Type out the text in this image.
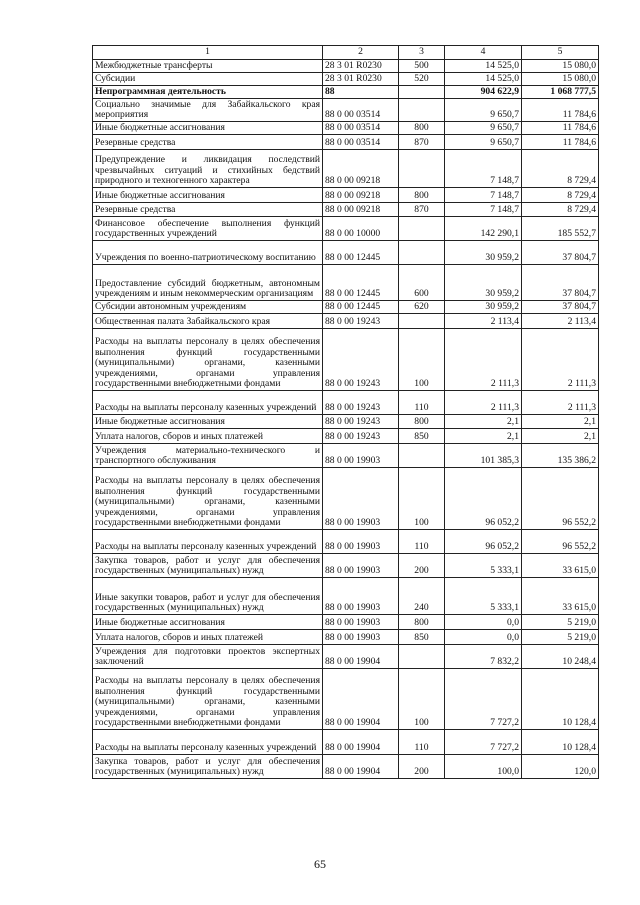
1	2	3	4	5
Межбюджетные трансферты	28 3 01 R0230	500	14 525,0	15 080,0
Субсидии	28 3 01 R0230	520	14 525,0	15 080,0
Непрограммная деятельность	88		904 622,9	1 068 777,5
Социально значимые для Забайкальского края мероприятия	88 0 00 03514		9 650,7	11 784,6
Иные бюджетные ассигнования	88 0 00 03514	800	9 650,7	11 784,6
Резервные средства	88 0 00 03514	870	9 650,7	11 784,6
Предупреждение и ликвидация последствий чрезвычайных ситуаций и стихийных бедствий природного и техногенного характера	88 0 00 09218		7 148,7	8 729,4
Иные бюджетные ассигнования	88 0 00 09218	800	7 148,7	8 729,4
Резервные средства	88 0 00 09218	870	7 148,7	8 729,4
Финансовое обеспечение выполнения функций государственных учреждений	88 0 00 10000		142 290,1	185 552,7
Учреждения по военно-патриотическому воспитанию	88 0 00 12445		30 959,2	37 804,7
Предоставление субсидий бюджетным, автономным учреждениям и иным некоммерческим организациям	88 0 00 12445	600	30 959,2	37 804,7
Субсидии автономным учреждениям	88 0 00 12445	620	30 959,2	37 804,7
Общественная палата Забайкальского края	88 0 00 19243		2 113,4	2 113,4
Расходы на выплаты персоналу в целях обеспечения выполнения функций государственными (муниципальными) органами, казенными учреждениями, органами управления государственными внебюджетными фондами	88 0 00 19243	100	2 111,3	2 111,3
Расходы на выплаты персоналу казенных учреждений	88 0 00 19243	110	2 111,3	2 111,3
Иные бюджетные ассигнования	88 0 00 19243	800	2,1	2,1
Уплата налогов, сборов и иных платежей	88 0 00 19243	850	2,1	2,1
Учреждения материально-технического и транспортного обслуживания	88 0 00 19903		101 385,3	135 386,2
Расходы на выплаты персоналу в целях обеспечения выполнения функций государственными (муниципальными) органами, казенными учреждениями, органами управления государственными внебюджетными фондами	88 0 00 19903	100	96 052,2	96 552,2
Расходы на выплаты персоналу казенных учреждений	88 0 00 19903	110	96 052,2	96 552,2
Закупка товаров, работ и услуг для обеспечения государственных (муниципальных) нужд	88 0 00 19903	200	5 333,1	33 615,0
Иные закупки товаров, работ и услуг для обеспечения государственных (муниципальных) нужд	88 0 00 19903	240	5 333,1	33 615,0
Иные бюджетные ассигнования	88 0 00 19903	800	0,0	5 219,0
Уплата налогов, сборов и иных платежей	88 0 00 19903	850	0,0	5 219,0
Учреждения для подготовки проектов экспертных заключений	88 0 00 19904		7 832,2	10 248,4
Расходы на выплаты персоналу в целях обеспечения выполнения функций государственными (муниципальными) органами, казенными учреждениями, органами управления государственными внебюджетными фондами	88 0 00 19904	100	7 727,2	10 128,4
Расходы на выплаты персоналу казенных учреждений	88 0 00 19904	110	7 727,2	10 128,4
Закупка товаров, работ и услуг для обеспечения государственных (муниципальных) нужд	88 0 00 19904	200	100,0	120,0
65
